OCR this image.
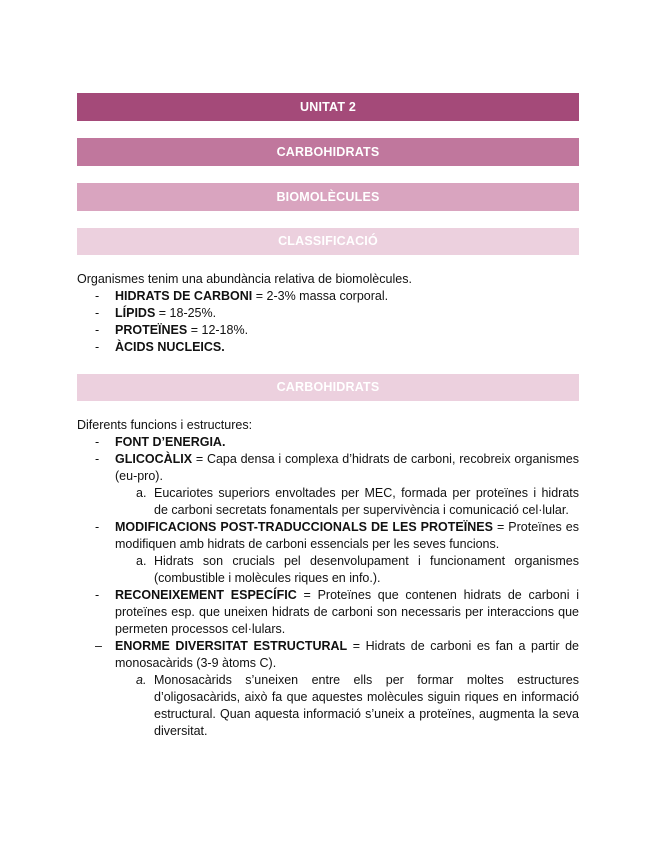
UNITAT 2
CARBOHIDRATS
BIOMOLÈCULES
CLASSIFICACIÓ
Organismes tenim una abundància relativa de biomolècules.
- HIDRATS DE CARBONI = 2-3% massa corporal.
- LÍPIDS = 18-25%.
- PROTEÏNES = 12-18%.
- ÀCIDS NUCLEICS.
CARBOHIDRATS
Diferents funcions i estructures:
- FONT D’ENERGIA.
- GLICOCÀLIX = Capa densa i complexa d’hidrats de carboni, recobreix organismes (eu-pro).
a. Eucariotes superiors envoltades per MEC, formada per proteïnes i hidrats de carboni secretats fonamentals per supervivència i comunicació cel·lular.
- MODIFICACIONS POST-TRADUCCIONALS DE LES PROTEÏNES = Proteïnes es modifiquen amb hidrats de carboni essencials per les seves funcions.
a. Hidrats son crucials pel desenvolupament i funcionament organismes (combustible i molècules riques en info.).
- RECONEIXEMENT ESPECÍFIC = Proteïnes que contenen hidrats de carboni i proteïnes esp. que uneixen hidrats de carboni son necessaris per interaccions que permeten processos cel·lulars.
– ENORME DIVERSITAT ESTRUCTURAL = Hidrats de carboni es fan a partir de monosacàrids (3-9 àtoms C).
a. Monosacàrids s’uneixen entre ells per formar moltes estructures d’oligosacàrids, això fa que aquestes molècules siguin riques en informació estructural. Quan aquesta informació s’uneix a proteïnes, augmenta la seva diversitat.
